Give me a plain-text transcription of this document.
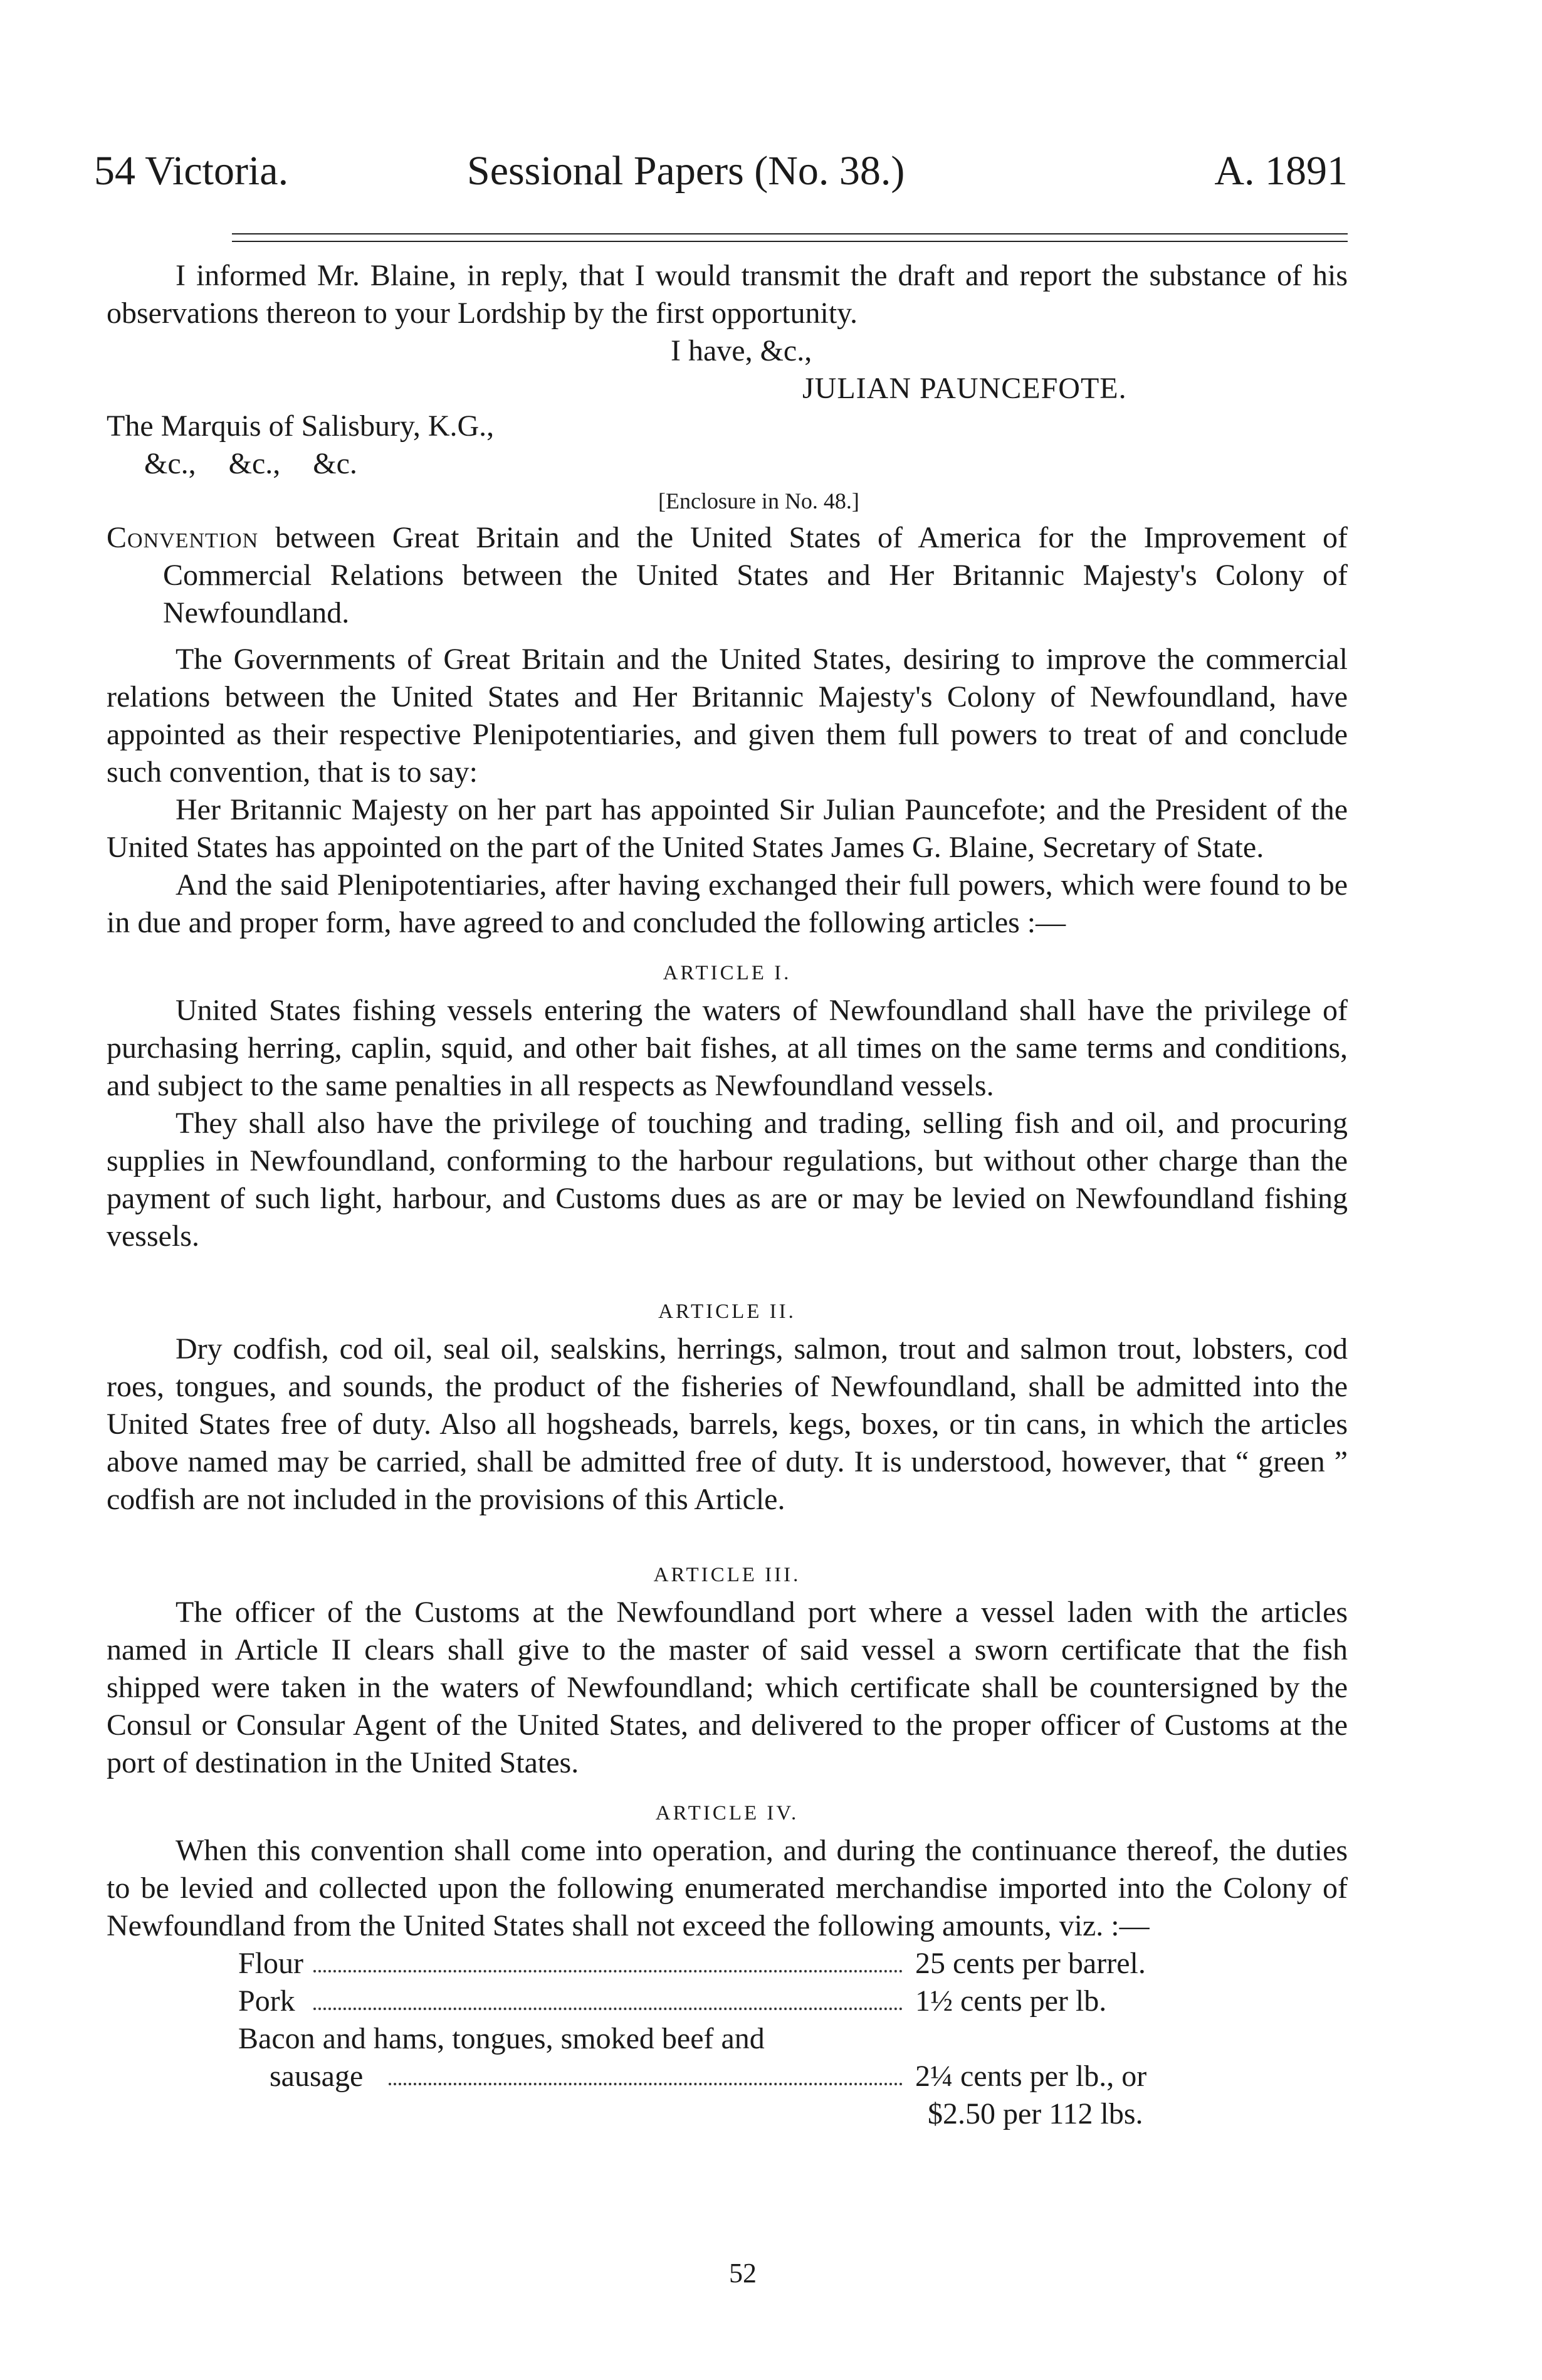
54 Victoria.	Sessional Papers (No. 38.)	A. 1891

I informed Mr. Blaine, in reply, that I would transmit the draft and report the substance of his observations thereon to your Lordship by the first opportunity.

I have, &c.,

JULIAN PAUNCEFOTE.

The Marquis of Salisbury, K.G.,

&c., &c., &c.

[Enclosure in No. 48.]

Convention between Great Britain and the United States of America for the Improvement of Commercial Relations between the United States and Her Britannic Majesty's Colony of Newfoundland.

The Governments of Great Britain and the United States, desiring to improve the commercial relations between the United States and Her Britannic Majesty's Colony of Newfoundland, have appointed as their respective Plenipotentiaries, and given them full powers to treat of and conclude such convention, that is to say:

Her Britannic Majesty on her part has appointed Sir Julian Pauncefote; and the President of the United States has appointed on the part of the United States James G. Blaine, Secretary of State.

And the said Plenipotentiaries, after having exchanged their full powers, which were found to be in due and proper form, have agreed to and concluded the following articles :—

ARTICLE I.

United States fishing vessels entering the waters of Newfoundland shall have the privilege of purchasing herring, caplin, squid, and other bait fishes, at all times on the same terms and conditions, and subject to the same penalties in all respects as Newfoundland vessels.

They shall also have the privilege of touching and trading, selling fish and oil, and procuring supplies in Newfoundland, conforming to the harbour regulations, but without other charge than the payment of such light, harbour, and Customs dues as are or may be levied on Newfoundland fishing vessels.

ARTICLE II.

Dry codfish, cod oil, seal oil, sealskins, herrings, salmon, trout and salmon trout, lobsters, cod roes, tongues, and sounds, the product of the fisheries of Newfoundland, shall be admitted into the United States free of duty. Also all hogsheads, barrels, kegs, boxes, or tin cans, in which the articles above named may be carried, shall be admitted free of duty. It is understood, however, that “ green ” codfish are not included in the provisions of this Article.

ARTICLE III.

The officer of the Customs at the Newfoundland port where a vessel laden with the articles named in Article II clears shall give to the master of said vessel a sworn certificate that the fish shipped were taken in the waters of Newfoundland; which certificate shall be countersigned by the Consul or Consular Agent of the United States, and delivered to the proper officer of Customs at the port of destination in the United States.

ARTICLE IV.

When this convention shall come into operation, and during the continuance thereof, the duties to be levied and collected upon the following enumerated merchandise imported into the Colony of Newfoundland from the United States shall not exceed the following amounts, viz. :—

Flour	25 cents per barrel.
Pork	1½ cents per lb.
Bacon and hams, tongues, smoked beef and
sausage	2¼ cents per lb., or
$2.50 per 112 lbs.
52
